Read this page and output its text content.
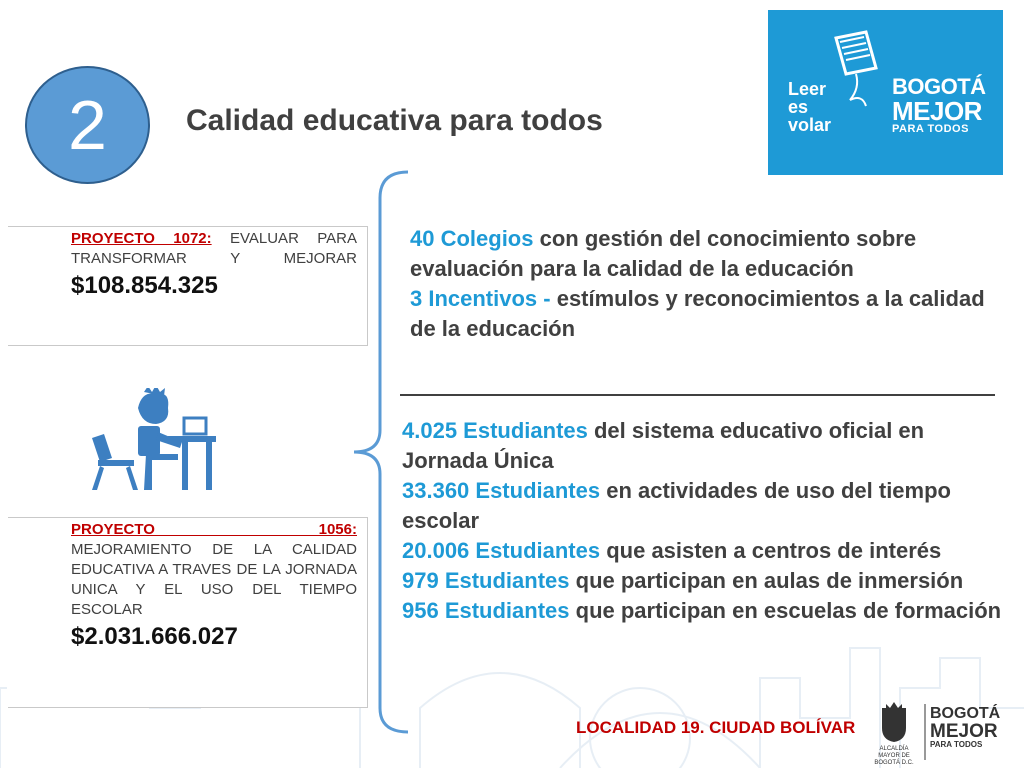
2	Calidad educativa para todos
Leer
es
volar
BOGOTÁ
MEJOR
PARA TODOS
PROYECTO 1072: EVALUAR PARA TRANSFORMAR Y MEJORAR
$108.854.325
PROYECTO 1056:
MEJORAMIENTO DE LA CALIDAD EDUCATIVA A TRAVES DE LA JORNADA UNICA Y EL USO DEL TIEMPO ESCOLAR
$2.031.666.027
40 Colegios con gestión del conocimiento sobre evaluación para la calidad de la educación
3 Incentivos - estímulos y reconocimientos a la calidad de la educación
4.025 Estudiantes del sistema educativo oficial en Jornada Única
33.360 Estudiantes en actividades de uso del tiempo escolar
20.006 Estudiantes que asisten a centros de interés
979 Estudiantes que participan en aulas de inmersión
956 Estudiantes que participan en escuelas de formación
LOCALIDAD 19. CIUDAD BOLÍVAR
ALCALDÍA MAYOR DE BOGOTÁ D.C.
BOGOTÁ
MEJOR
PARA TODOS
